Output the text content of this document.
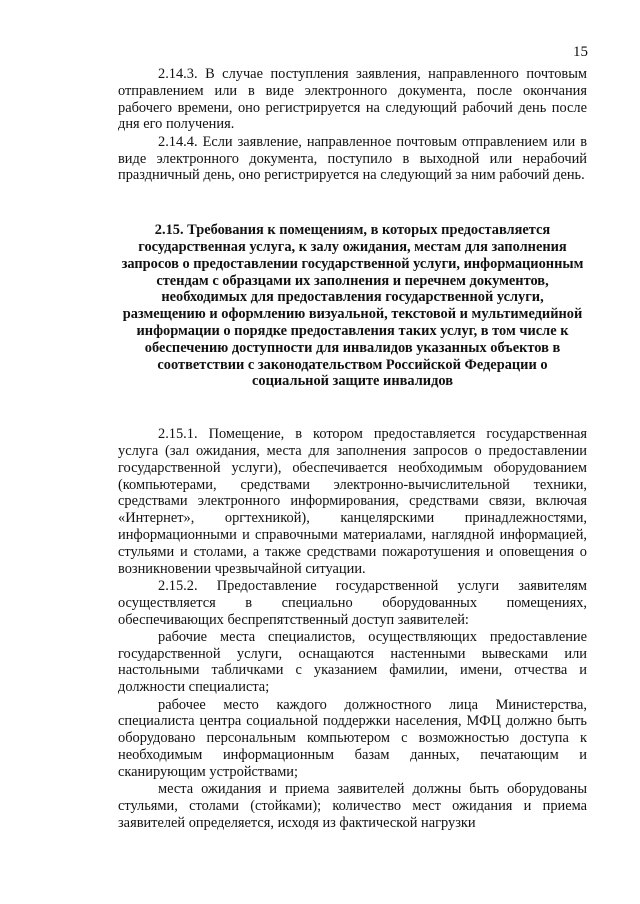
15

2.14.3. В случае поступления заявления, направленного почтовым отправлением или в виде электронного документа, после окончания рабочего времени, оно регистрируется на следующий рабочий день после дня его получения.

2.14.4. Если заявление, направленное почтовым отправлением или в виде электронного документа, поступило в выходной или нерабочий праздничный день, оно регистрируется на следующий за ним рабочий день.

2.15. Требования к помещениям, в которых предоставляется государственная услуга, к залу ожидания, местам для заполнения запросов о предоставлении государственной услуги, информационным стендам с образцами их заполнения и перечнем документов, необходимых для предоставления государственной услуги, размещению и оформлению визуальной, текстовой и мультимедийной информации о порядке предоставления таких услуг, в том числе к обеспечению доступности для инвалидов указанных объектов в соответствии с законодательством Российской Федерации о социальной защите инвалидов

2.15.1. Помещение, в котором предоставляется государственная услуга (зал ожидания, места для заполнения запросов о предоставлении государственной услуги), обеспечивается необходимым оборудованием (компьютерами, средствами электронно-вычислительной техники, средствами электронного информирования, средствами связи, включая «Интернет», оргтехникой), канцелярскими принадлежностями, информационными и справочными материалами, наглядной информацией, стульями и столами, а также средствами пожаротушения и оповещения о возникновении чрезвычайной ситуации.

2.15.2. Предоставление государственной услуги заявителям осуществляется в специально оборудованных помещениях, обеспечивающих беспрепятственный доступ заявителей:

рабочие места специалистов, осуществляющих предоставление государственной услуги, оснащаются настенными вывесками или настольными табличками с указанием фамилии, имени, отчества и должности специалиста;

рабочее место каждого должностного лица Министерства, специалиста центра социальной поддержки населения, МФЦ должно быть оборудовано персональным компьютером с возможностью доступа к необходимым информационным базам данных, печатающим и сканирующим устройствами;

места ожидания и приема заявителей должны быть оборудованы стульями, столами (стойками); количество мест ожидания и приема заявителей определяется, исходя из фактической нагрузки
